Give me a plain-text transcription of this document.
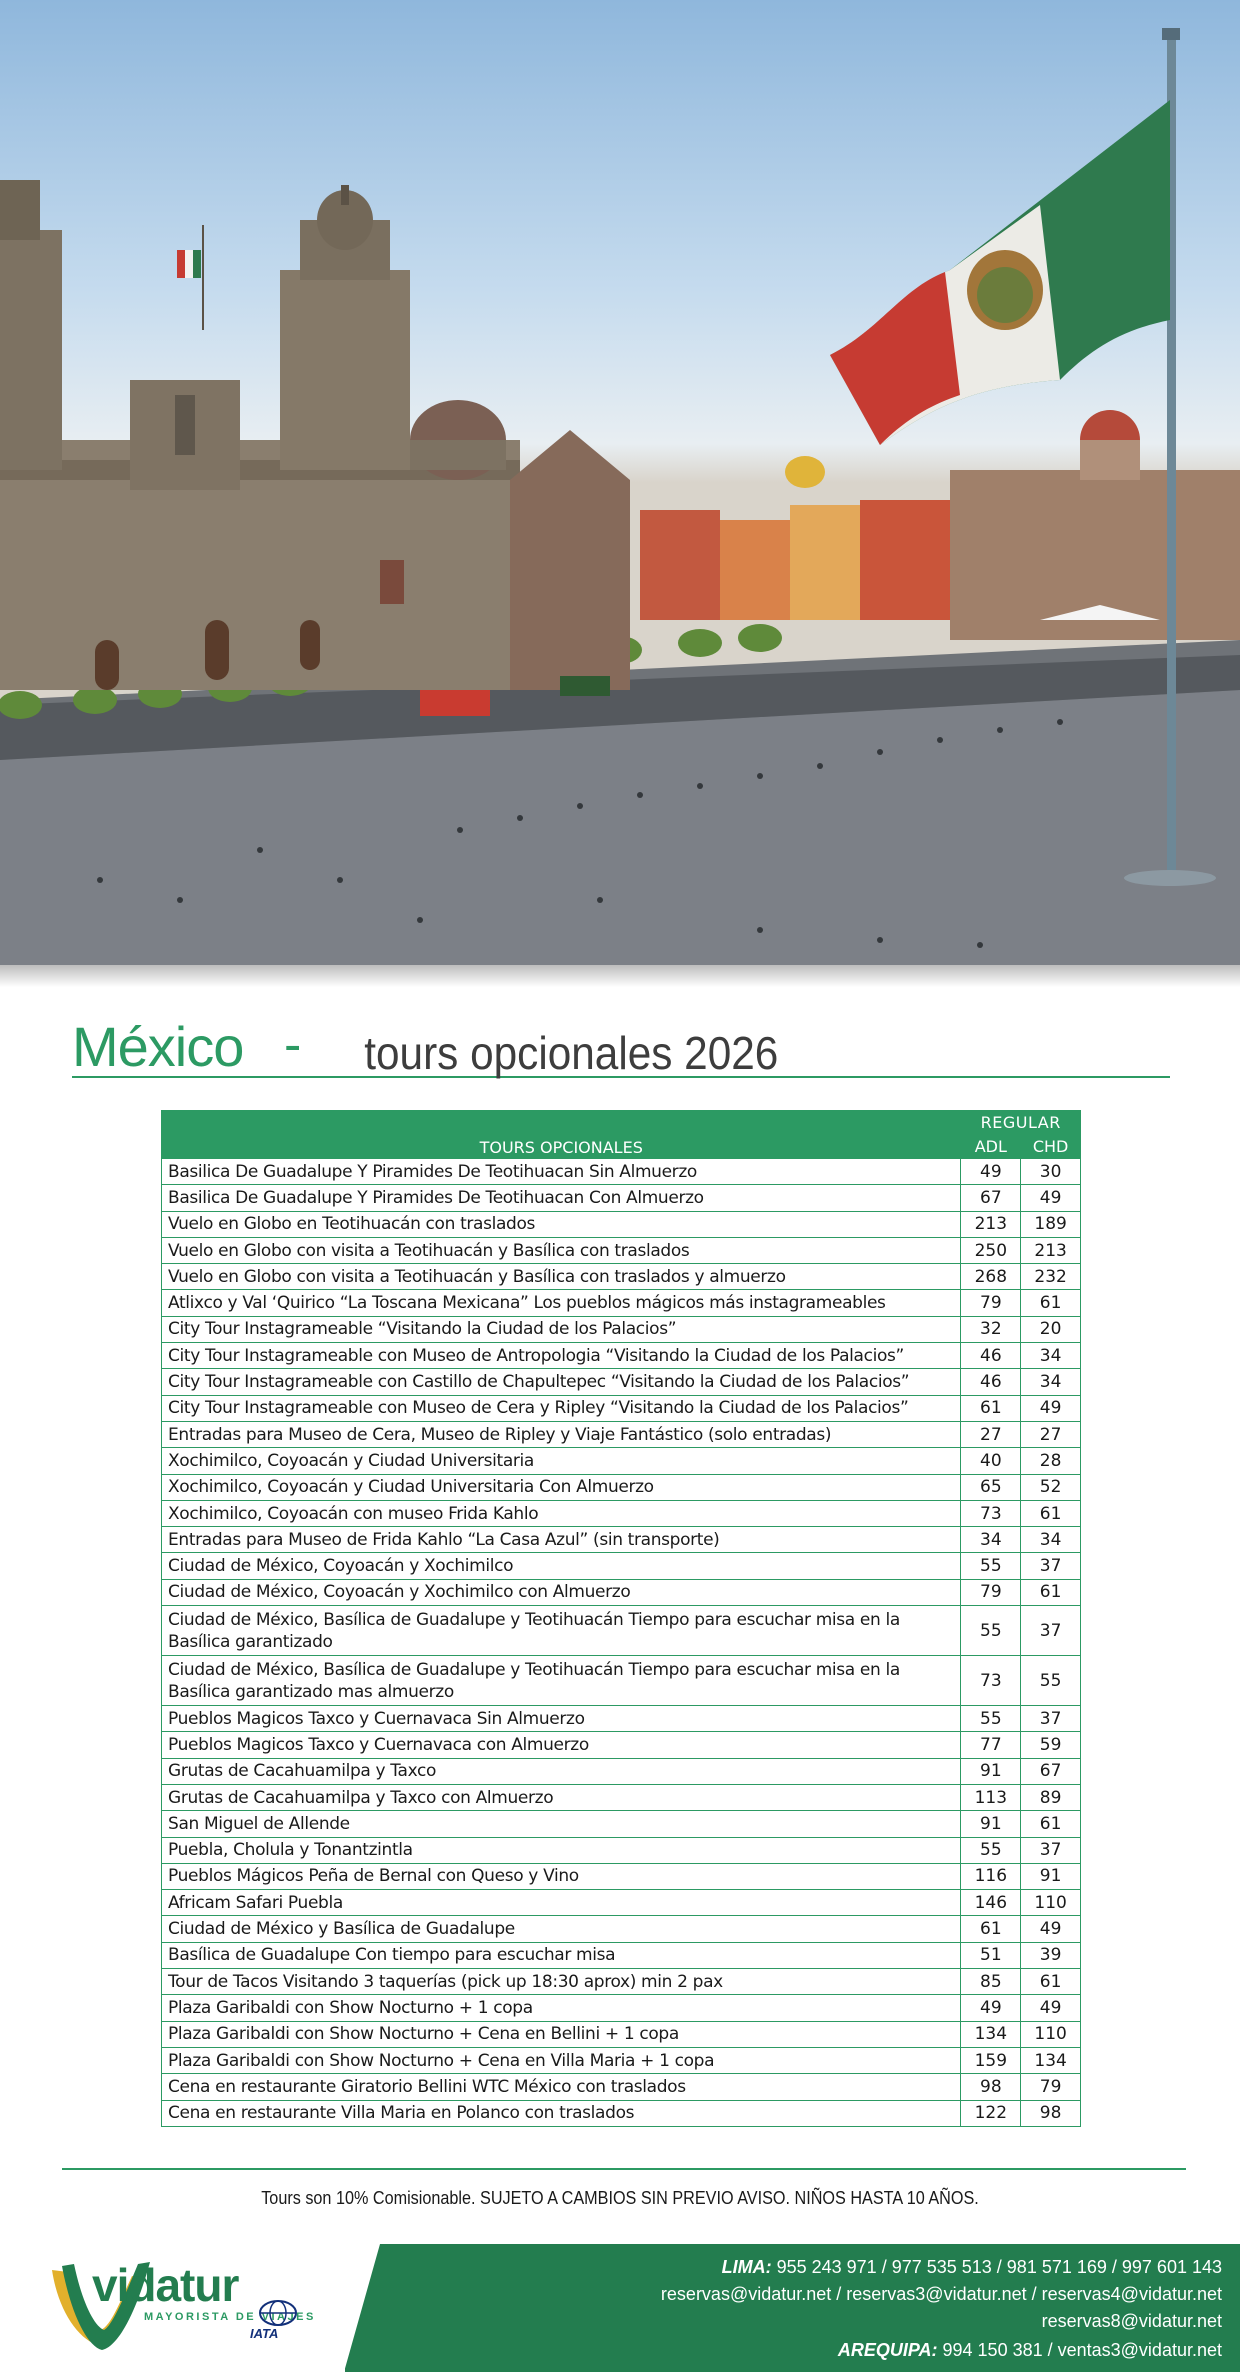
México -	tours opcionales 2026
TOURS OPCIONALES	REGULAR	
	ADL	CHD
Basilica De Guadalupe Y Piramides De Teotihuacan Sin Almuerzo	49	30
Basilica De Guadalupe Y Piramides De Teotihuacan Con Almuerzo	67	49
Vuelo en Globo en Teotihuacán con traslados	213	189
Vuelo en Globo con visita a Teotihuacán y Basílica con traslados	250	213
Vuelo en Globo con visita a Teotihuacán y Basílica con traslados y almuerzo	268	232
Atlixco y Val ‘Quirico “La Toscana Mexicana” Los pueblos mágicos más instagrameables	79	61
City Tour Instagrameable “Visitando la Ciudad de los Palacios”	32	20
City Tour Instagrameable con Museo de Antropologia “Visitando la Ciudad de los Palacios”	46	34
City Tour Instagrameable con Castillo de Chapultepec “Visitando la Ciudad de los Palacios”	46	34
City Tour Instagrameable con Museo de Cera y Ripley “Visitando la Ciudad de los Palacios”	61	49
Entradas para Museo de Cera, Museo de Ripley y Viaje Fantástico (solo entradas)	27	27
Xochimilco, Coyoacán y Ciudad Universitaria	40	28
Xochimilco, Coyoacán y Ciudad Universitaria Con Almuerzo	65	52
Xochimilco, Coyoacán con museo Frida Kahlo	73	61
Entradas para Museo de Frida Kahlo “La Casa Azul” (sin transporte)	34	34
Ciudad de México, Coyoacán y Xochimilco	55	37
Ciudad de México, Coyoacán y Xochimilco con Almuerzo	79	61
Ciudad de México, Basílica de Guadalupe y Teotihuacán Tiempo para escuchar misa en la Basílica garantizado	55	37
Ciudad de México, Basílica de Guadalupe y Teotihuacán Tiempo para escuchar misa en la Basílica garantizado mas almuerzo	73	55
Pueblos Magicos Taxco y Cuernavaca Sin Almuerzo	55	37
Pueblos Magicos Taxco y Cuernavaca con Almuerzo	77	59
Grutas de Cacahuamilpa y Taxco	91	67
Grutas de Cacahuamilpa y Taxco con Almuerzo	113	89
San Miguel de Allende	91	61
Puebla, Cholula y Tonantzintla	55	37
Pueblos Mágicos Peña de Bernal con Queso y Vino	116	91
Africam Safari Puebla	146	110
Ciudad de México y Basílica de Guadalupe	61	49
Basílica de Guadalupe Con tiempo para escuchar misa	51	39
Tour de Tacos Visitando 3 taquerías (pick up 18:30 aprox) min 2 pax	85	61
Plaza Garibaldi con Show Nocturno + 1 copa	49	49
Plaza Garibaldi con Show Nocturno + Cena en Bellini + 1 copa	134	110
Plaza Garibaldi con Show Nocturno + Cena en Villa Maria + 1 copa	159	134
Cena en restaurante Giratorio Bellini WTC México con traslados	98	79
Cena en restaurante Villa Maria en Polanco con traslados	122	98
Tours son 10% Comisionable. SUJETO A CAMBIOS SIN PREVIO AVISO. NIÑOS HASTA 10 AÑOS.
vidatur
MAYORISTA DE VIAJES
IATA
LIMA: 955 243 971 / 977 535 513 / 981 571 169 / 997 601 143
reservas@vidatur.net / reservas3@vidatur.net / reservas4@vidatur.net
reservas8@vidatur.net
AREQUIPA: 994 150 381 / ventas3@vidatur.net
